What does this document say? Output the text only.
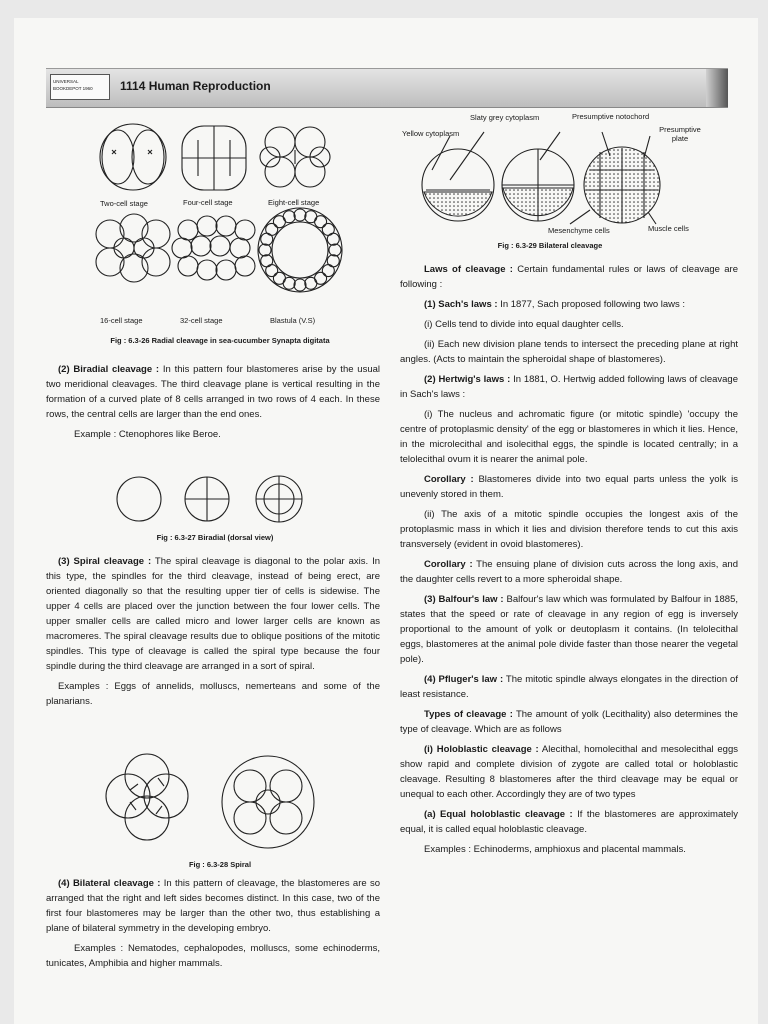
UNIVERSAL
BOOKDEPOT 1960	1114 Human Reproduction
Two-cell stage	Four-cell stage	Eight-cell stage
16-cell stage	32-cell stage	Blastula (V.S)
Fig : 6.3-26 Radial cleavage in sea-cucumber Synapta digitata

(2) Biradial cleavage : In this pattern four blastomeres arise by the usual two meridional cleavages. The third cleavage plane is vertical resulting in the formation of a curved plate of 8 cells arranged in two rows of 4 each. In these rows, the central cells are larger than the end ones.

Example : Ctenophores like Beroe.

Fig : 6.3-27 Biradial (dorsal view)

(3) Spiral cleavage : The spiral cleavage is diagonal to the polar axis. In this type, the spindles for the third cleavage, instead of being erect, are oriented diagonally so that the resulting upper tier of cells is sidewise. The upper 4 cells are placed over the junction between the four lower cells. The upper smaller cells are called micro and lower larger cells are known as macromeres. The spiral cleavage results due to oblique positions of the mitotic spindles. This type of cleavage is called the spiral type because the four spindle during the third cleavage are arranged in a sort of spiral.

Examples : Eggs of annelids, molluscs, nemerteans and some of the planarians.

Fig : 6.3-28 Spiral

(4) Bilateral cleavage : In this pattern of cleavage, the blastomeres are so arranged that the right and left sides becomes distinct. In this case, two of the first four blastomeres may be larger than the other two, thus establishing a plane of bilateral symmetry in the developing embryo.

Examples : Nematodes, cephalopodes, molluscs, some echinoderms, tunicates, Amphibia and higher mammals.

Slaty grey cytoplasm
Yellow cytoplasm
Presumptive notochord
Presumptive plate
Mesenchyme cells	Muscle cells
Fig : 6.3-29 Bilateral cleavage

Laws of cleavage : Certain fundamental rules or laws of cleavage are following :

(1) Sach's laws : In 1877, Sach proposed following two laws :

(i) Cells tend to divide into equal daughter cells.

(ii) Each new division plane tends to intersect the preceding plane at right angles. (Acts to maintain the spheroidal shape of blastomeres).

(2) Hertwig's laws : In 1881, O. Hertwig added following laws of cleavage in Sach's laws :

(i) The nucleus and achromatic figure (or mitotic spindle) 'occupy the centre of protoplasmic density' of the egg or blastomeres in which it lies. Hence, in the microlecithal and isolecithal eggs, the spindle is located centrally; in a telolecithal ovum it is nearer the animal pole.

Corollary : Blastomeres divide into two equal parts unless the yolk is unevenly stored in them.

(ii) The axis of a mitotic spindle occupies the longest axis of the protoplasmic mass in which it lies and division therefore tends to cut this axis transversely (evident in ovoid blastomeres).

Corollary : The ensuing plane of division cuts across the long axis, and the daughter cells revert to a more spheroidal shape.

(3) Balfour's law : Balfour's law which was formulated by Balfour in 1885, states that the speed or rate of cleavage in any region of egg is inversely proportional to the amount of yolk or deutoplasm it contains. (In telolecithal eggs, blastomeres at the animal pole divide faster than those nearer the vegetal pole).

(4) Pfluger's law : The mitotic spindle always elongates in the direction of least resistance.

Types of cleavage : The amount of yolk (Lecithality) also determines the type of cleavage. Which are as follows

(i) Holoblastic cleavage : Alecithal, homolecithal and mesolecithal eggs show rapid and complete division of zygote are called total or holoblastic cleavage. Resulting 8 blastomeres after the third cleavage may be equal or unequal to each other. Accordingly they are of two types

(a) Equal holoblastic cleavage : If the blastomeres are approximately equal, it is called equal holoblastic cleavage.

Examples : Echinoderms, amphioxus and placental mammals.
